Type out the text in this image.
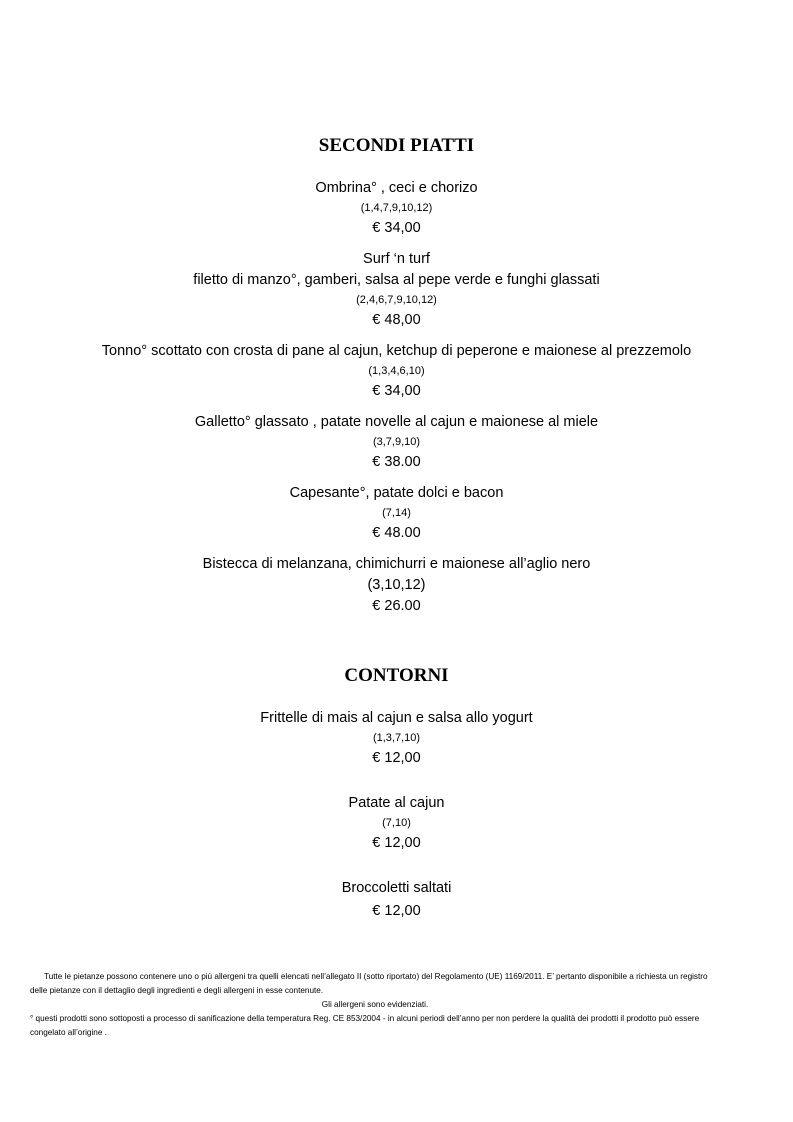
SECONDI PIATTI
Ombrina° , ceci e chorizo
(1,4,7,9,10,12)
€ 34,00
Surf ‘n turf
filetto di manzo°, gamberi, salsa al pepe verde e funghi glassati
(2,4,6,7,9,10,12)
€ 48,00
Tonno° scottato con crosta di pane al cajun, ketchup di peperone e maionese al prezzemolo
(1,3,4,6,10)
€ 34,00
Galletto° glassato , patate novelle al cajun e maionese al miele
(3,7,9,10)
€ 38.00
Capesante°, patate dolci e bacon
(7,14)
€ 48.00
Bistecca di melanzana, chimichurri e maionese all’aglio nero
(3,10,12)
€ 26.00
CONTORNI
Frittelle di mais al cajun e salsa allo yogurt
(1,3,7,10)
€ 12,00
Patate al cajun
(7,10)
€ 12,00
Broccoletti saltati
€ 12,00

Tutte le pietanze possono contenere uno o più allergeni tra quelli elencati nell’allegato II (sotto riportato) del Regolamento (UE) 1169/2011. E’ pertanto disponibile a richiesta un registro delle pietanze con il dettaglio degli ingredienti e degli allergeni in esse contenute.

Gli allergeni sono evidenziati.

° questi prodotti sono sottoposti a processo di sanificazione della temperatura Reg. CE 853/2004 - in alcuni periodi dell’anno per non perdere la qualità dei prodotti il prodotto può essere congelato all’origine .
